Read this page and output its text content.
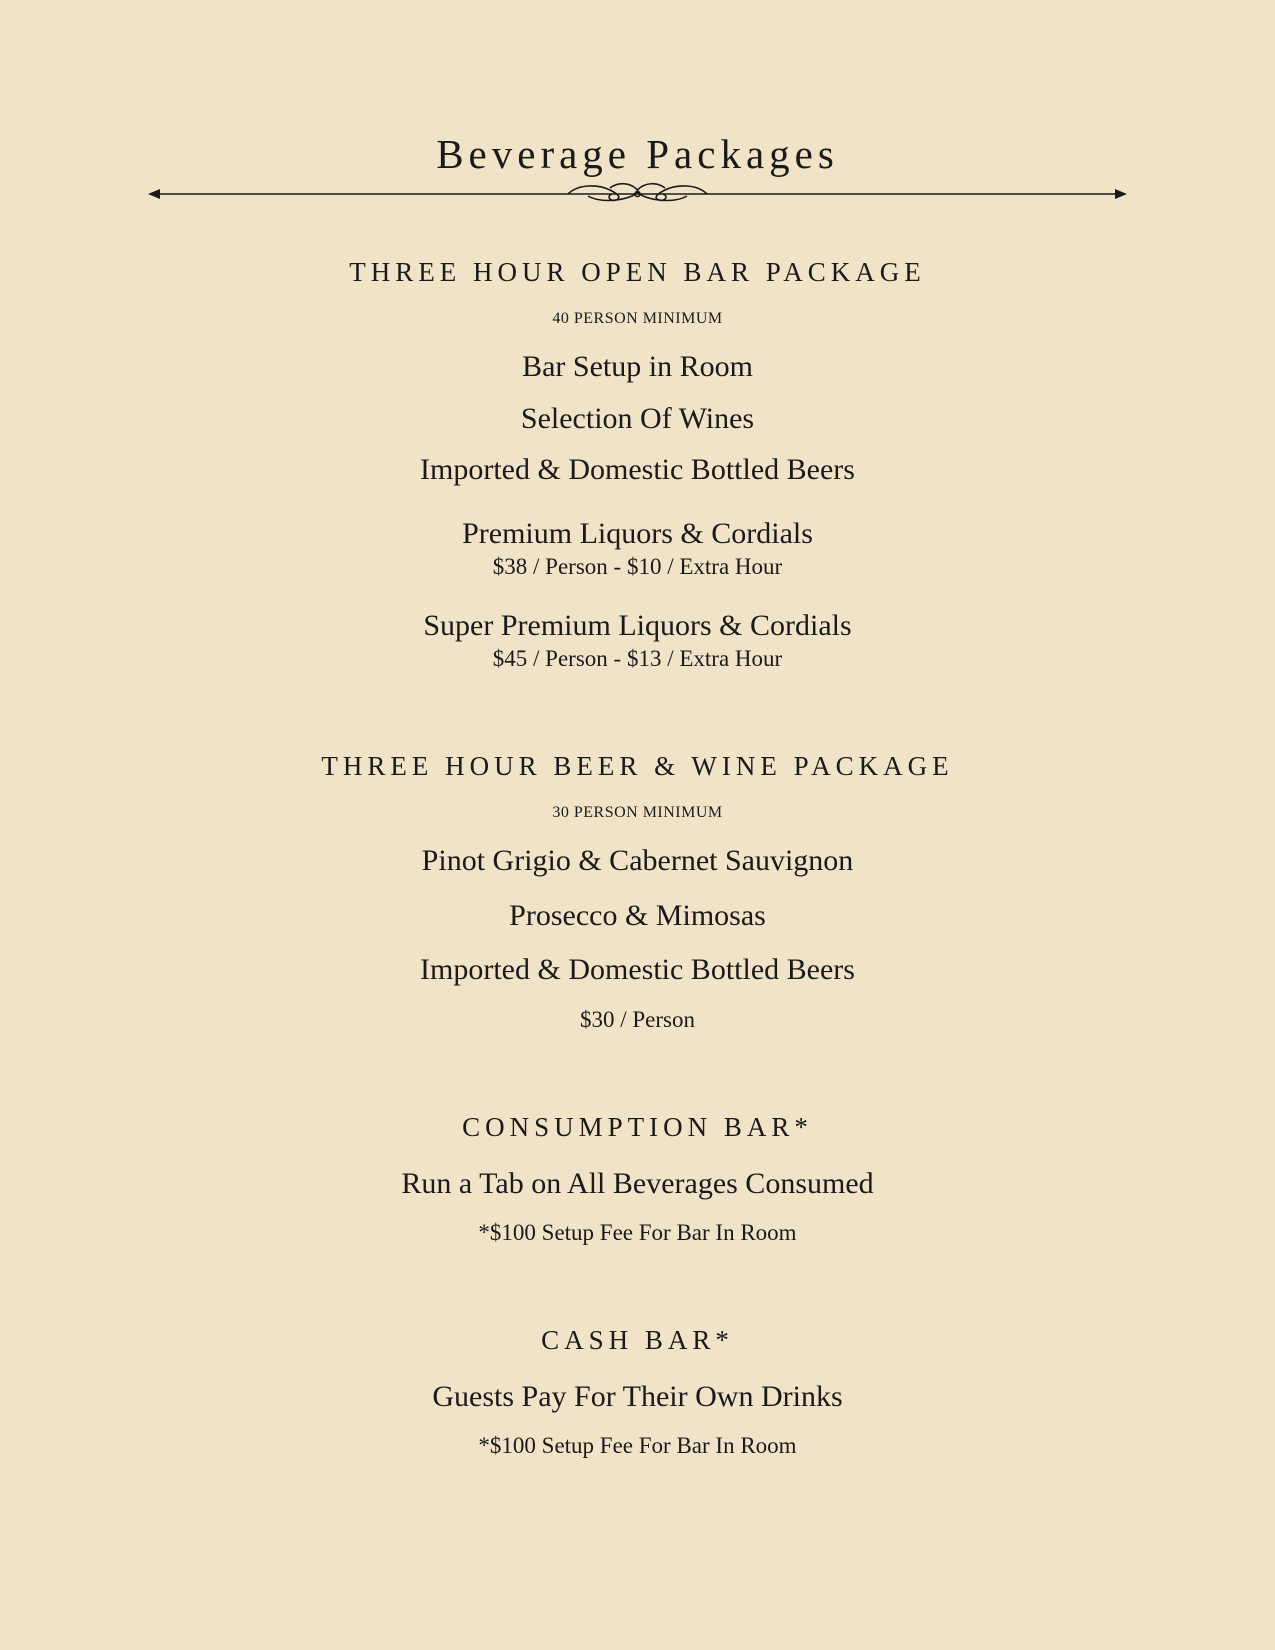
Beverage Packages
THREE HOUR OPEN BAR PACKAGE
40 PERSON MINIMUM
Bar Setup in Room
Selection Of Wines
Imported & Domestic Bottled Beers
Premium Liquors & Cordials
$38 / Person - $10 / Extra Hour
Super Premium Liquors & Cordials
$45 / Person - $13 / Extra Hour
THREE HOUR BEER & WINE PACKAGE
30 PERSON MINIMUM
Pinot Grigio & Cabernet Sauvignon
Prosecco & Mimosas
Imported & Domestic Bottled Beers
$30 / Person
CONSUMPTION BAR*
Run a Tab on All Beverages Consumed
*$100 Setup Fee For Bar In Room
CASH BAR*
Guests Pay For Their Own Drinks
*$100 Setup Fee For Bar In Room
